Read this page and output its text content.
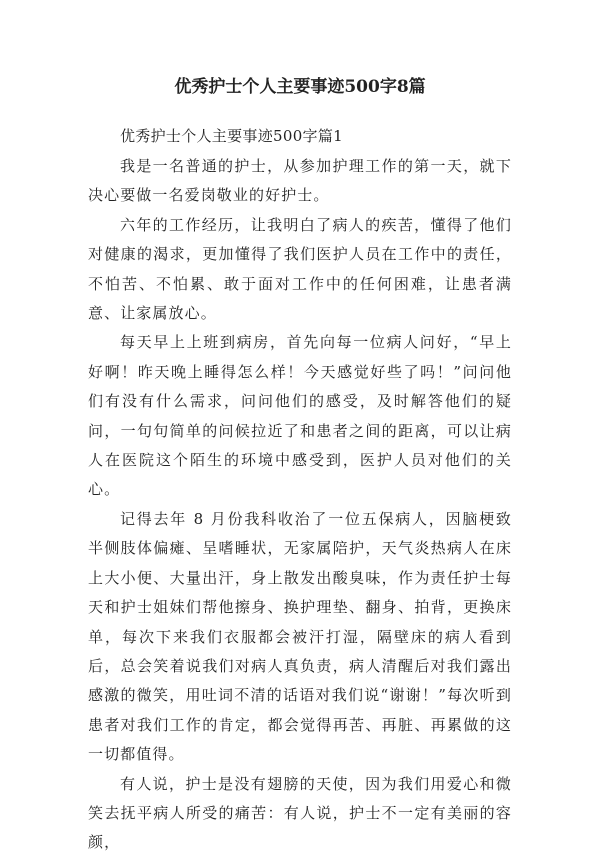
优秀护士个人主要事迹500字8篇

优秀护士个人主要事迹500字篇1

我是一名普通的护士，从参加护理工作的第一天，就下决心要做一名爱岗敬业的好护士。

六年的工作经历，让我明白了病人的疾苦，懂得了他们对健康的渴求，更加懂得了我们医护人员在工作中的责任，不怕苦、不怕累、敢于面对工作中的任何困难，让患者满意、让家属放心。

每天早上上班到病房，首先向每一位病人问好，“早上好啊！昨天晚上睡得怎么样！今天感觉好些了吗！”问问他们有没有什么需求，问问他们的感受，及时解答他们的疑问，一句句简单的问候拉近了和患者之间的距离，可以让病人在医院这个陌生的环境中感受到，医护人员对他们的关心。

记得去年 8 月份我科收治了一位五保病人，因脑梗致半侧肢体偏瘫、呈嗜睡状，无家属陪护，天气炎热病人在床上大小便、大量出汗，身上散发出酸臭味，作为责任护士每天和护士姐妹们帮他擦身、换护理垫、翻身、拍背，更换床单，每次下来我们衣服都会被汗打湿，隔壁床的病人看到后，总会笑着说我们对病人真负责，病人清醒后对我们露出感激的微笑，用吐词不清的话语对我们说“谢谢！”每次听到患者对我们工作的肯定，都会觉得再苦、再脏、再累做的这一切都值得。

有人说，护士是没有翅膀的天使，因为我们用爱心和微笑去抚平病人所受的痛苦：有人说，护士不一定有美丽的容颜，
